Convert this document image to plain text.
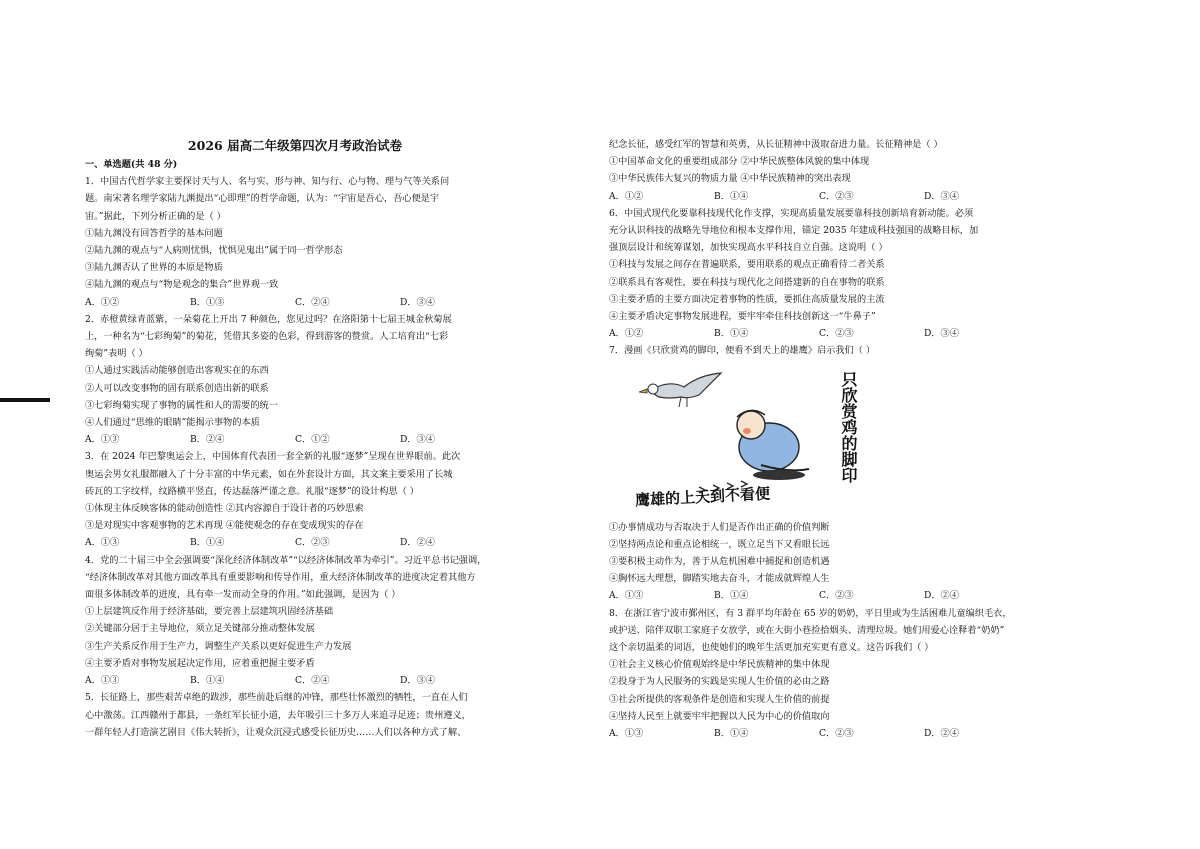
2026 届高二年级第四次月考政治试卷
一、单选题(共 48 分)
1．中国古代哲学家主要探讨天与人、名与实、形与神、知与行、心与物、理与气等关系问
题。南宋著名理学家陆九渊提出“心即理”的哲学命题，认为：“宇宙是吾心，吾心便是宇
宙。”据此，下列分析正确的是（ ）
①陆九渊没有回答哲学的基本问题
②陆九渊的观点与“人病则忧惧，忧惧见鬼出”属于同一哲学形态
③陆九渊否认了世界的本原是物质
④陆九渊的观点与“物是观念的集合”世界观一致
A．①②	B．①③	C．②④	D．③④
2．赤橙黄绿青蓝紫，一朵菊花上开出 7 种颜色，您见过吗？在洛阳第十七届王城金秋菊展
上，一种名为“七彩绚菊”的菊花，凭借其多姿的色彩，得到游客的赞赏。人工培育出“七彩
绚菊”表明（ ）
①人通过实践活动能够创造出客观实在的东西
②人可以改变事物的固有联系创造出新的联系
③七彩绚菊实现了事物的属性和人的需要的统一
④人们通过“思维的眼睛”能揭示事物的本质
A．①③	B．②④	C．①②	D．③④
3．在 2024 年巴黎奥运会上，中国体育代表团一套全新的礼服“逐梦”呈现在世界眼前。此次
奥运会男女礼服都融入了十分丰富的中华元素，如在外套设计方面，其文案主要采用了长城
砖瓦的工字纹样，纹路横平竖直，传达磊落严谨之意。礼服“逐梦”的设计构思（ ）
①体现主体反映客体的能动创造性 ②其内容源自于设计者的巧妙思索
③是对现实中客观事物的艺术再现 ④能使观念的存在变成现实的存在
A．①③	B．①④	C．②③	D．②④
4．党的二十届三中全会强调要“深化经济体制改革”“以经济体制改革为牵引”。习近平总书记强调，
“经济体制改革对其他方面改革具有重要影响和传导作用，重大经济体制改革的进度决定着其他方
面很多体制改革的进度，具有牵一发而动全身的作用。”如此强调，是因为（ ）
①上层建筑反作用于经济基础，要完善上层建筑巩固经济基础
②关键部分居于主导地位，须立足关键部分推动整体发展
③生产关系反作用于生产力，调整生产关系以更好促进生产力发展
④主要矛盾对事物发展起决定作用，应着重把握主要矛盾
A．①③	B．①④	C．②④	D．③④
5．长征路上，那些艰苦卓绝的跋涉，那些前赴后继的冲锋，那些壮怀激烈的牺牲，一直在人们
心中激荡。江西赣州于都县，一条红军长征小道，去年吸引三十多万人来追寻足迹；贵州遵义，
一群年轻人打造演艺剧目《伟大转折》，让观众沉浸式感受长征历史……人们以各种方式了解、
纪念长征，感受红军的智慧和英勇，从长征精神中汲取奋进力量。长征精神是（ ）
①中国革命文化的重要组成部分 ②中华民族整体风貌的集中体现
③中华民族伟大复兴的物质力量 ④中华民族精神的突出表现
A．①②	B．①④	C．②③	D．③④
6．中国式现代化要靠科技现代化作支撑，实现高质量发展要靠科技创新培育新动能。必须
充分认识科技的战略先导地位和根本支撑作用，锚定 2035 年建成科技强国的战略目标，加
强顶层设计和统筹谋划，加快实现高水平科技自立自强。这说明（ ）
①科技与发展之间存在普遍联系，要用联系的观点正确看待二者关系
②联系具有客观性，要在科技与现代化之间搭建新的自在事物的联系
③主要矛盾的主要方面决定着事物的性质，要抓住高质量发展的主流
④主要矛盾决定事物发展进程，要牢牢牵住科技创新这一“牛鼻子”
A．①②	B．①④	C．②③	D．③④
7．漫画《只欣赏鸡的脚印，便看不到天上的雄鹰》启示我们（ ）
只欣赏鸡的脚印
鹰雄的上天到不看便
①办事情成功与否取决于人们是否作出正确的价值判断
②坚持两点论和重点论相统一，既立足当下又看眼长远
③要积极主动作为，善于从危机困难中捕捉和创造机遇
④胸怀远大理想，脚踏实地去奋斗，才能成就辉煌人生
A．①③	B．①④	C．②③	D．②④
8．在浙江省宁波市鄞州区，有 3 群平均年龄在 65 岁的奶奶，平日里或为生活困难儿童编织毛衣，
或护送、陪伴双职工家庭子女放学，或在大街小巷捡拾烟头、清理垃圾。她们用爱心诠释着“奶奶”
这个亲切温柔的词语，也使她们的晚年生活更加充实更有意义。这告诉我们（ ）
①社会主义核心价值观始终是中华民族精神的集中体现
②投身于为人民服务的实践是实现人生价值的必由之路
③社会所提供的客观条件是创造和实现人生价值的前提
④坚持人民至上就要牢牢把握以人民为中心的价值取向
A．①③	B．①④	C．②③	D．②④
